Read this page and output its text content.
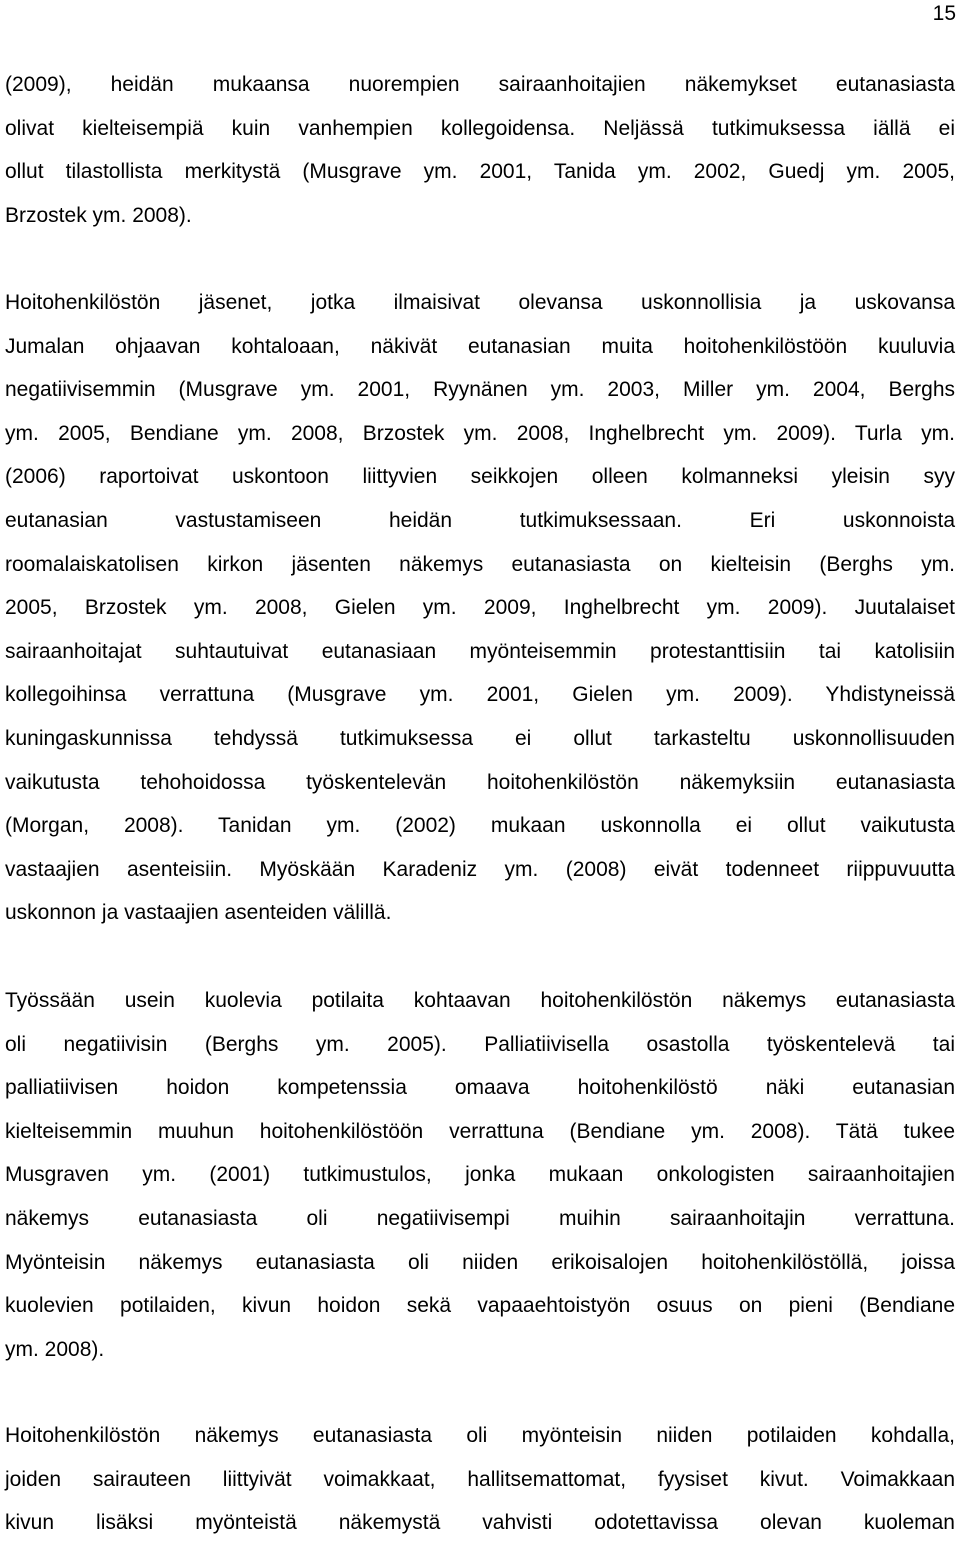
15
(2009), heidän mukaansa nuorempien sairaanhoitajien näkemykset eutanasiasta
olivat kielteisempiä kuin vanhempien kollegoidensa. Neljässä tutkimuksessa iällä ei
ollut tilastollista merkitystä (Musgrave ym. 2001, Tanida ym. 2002, Guedj ym. 2005,
Brzostek ym. 2008).
Hoitohenkilöstön jäsenet, jotka ilmaisivat olevansa uskonnollisia ja uskovansa
Jumalan ohjaavan kohtaloaan, näkivät eutanasian muita hoitohenkilöstöön kuuluvia
negatiivisemmin (Musgrave ym. 2001, Ryynänen ym. 2003, Miller ym. 2004, Berghs
ym. 2005, Bendiane ym. 2008, Brzostek ym. 2008, Inghelbrecht ym. 2009). Turla ym.
(2006) raportoivat uskontoon liittyvien seikkojen olleen kolmanneksi yleisin syy
eutanasian vastustamiseen heidän tutkimuksessaan. Eri uskonnoista
roomalaiskatolisen kirkon jäsenten näkemys eutanasiasta on kielteisin (Berghs ym.
2005, Brzostek ym. 2008, Gielen ym. 2009, Inghelbrecht ym. 2009). Juutalaiset
sairaanhoitajat suhtautuivat eutanasiaan myönteisemmin protestanttisiin tai katolisiin
kollegoihinsa verrattuna (Musgrave ym. 2001, Gielen ym. 2009). Yhdistyneissä
kuningaskunnissa tehdyssä tutkimuksessa ei ollut tarkasteltu uskonnollisuuden
vaikutusta tehohoidossa työskentelevän hoitohenkilöstön näkemyksiin eutanasiasta
(Morgan, 2008). Tanidan ym. (2002) mukaan uskonnolla ei ollut vaikutusta
vastaajien asenteisiin. Myöskään Karadeniz ym. (2008) eivät todenneet riippuvuutta
uskonnon ja vastaajien asenteiden välillä.
Työssään usein kuolevia potilaita kohtaavan hoitohenkilöstön näkemys eutanasiasta
oli negatiivisin (Berghs ym. 2005). Palliatiivisella osastolla työskentelevä tai
palliatiivisen hoidon kompetenssia omaava hoitohenkilöstö näki eutanasian
kielteisemmin muuhun hoitohenkilöstöön verrattuna (Bendiane ym. 2008). Tätä tukee
Musgraven ym. (2001) tutkimustulos, jonka mukaan onkologisten sairaanhoitajien
näkemys eutanasiasta oli negatiivisempi muihin sairaanhoitajin verrattuna.
Myönteisin näkemys eutanasiasta oli niiden erikoisalojen hoitohenkilöstöllä, joissa
kuolevien potilaiden, kivun hoidon sekä vapaaehtoistyön osuus on pieni (Bendiane
ym. 2008).
Hoitohenkilöstön näkemys eutanasiasta oli myönteisin niiden potilaiden kohdalla,
joiden sairauteen liittyivät voimakkaat, hallitsemattomat, fyysiset kivut. Voimakkaan
kivun lisäksi myöntеistä näkemystä vahvisti odotettavissa olevan kuoleman
